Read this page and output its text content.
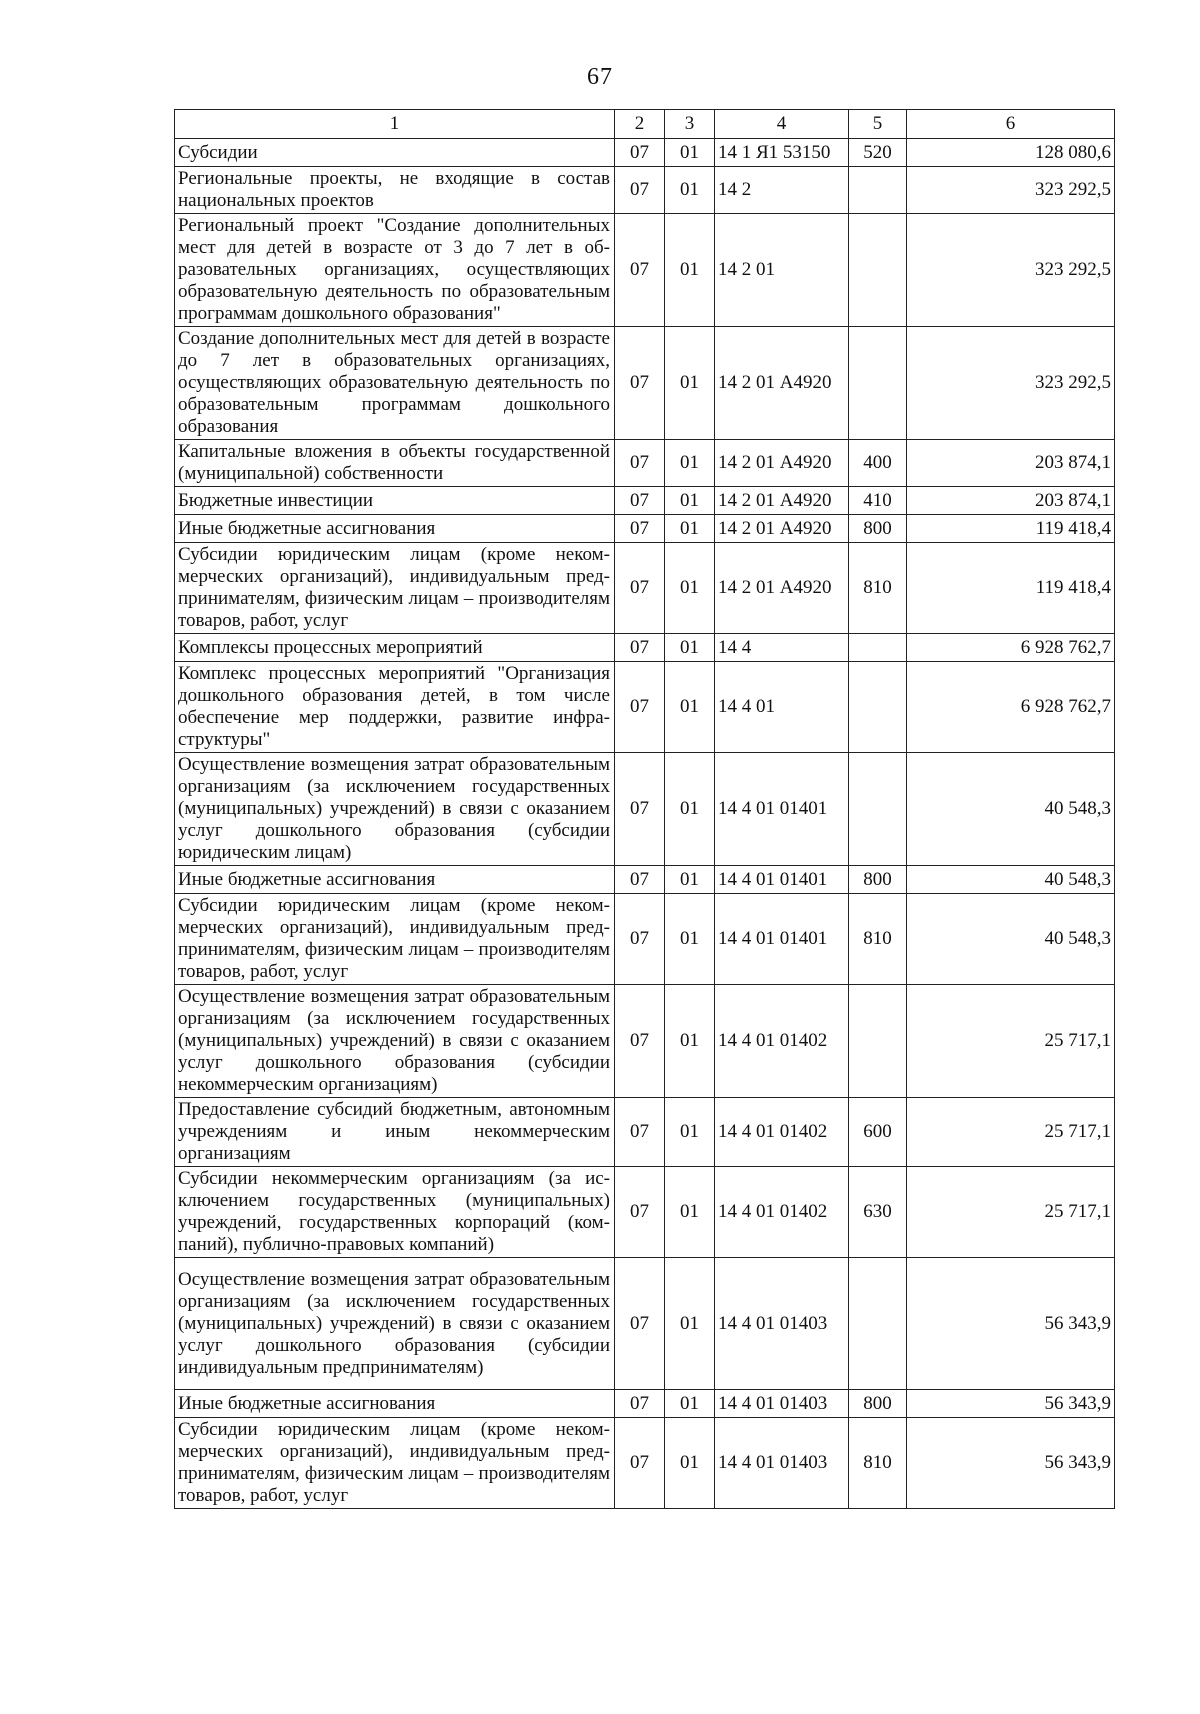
67
1	2	3	4	5	6
Субсидии	07	01	14 1 Я1 53150	520	128 080,6
Региональные проекты, не входящие в состав национальных проектов	07	01	14 2		323 292,5
Региональный проект "Создание дополнительных мест для детей в возрасте от 3 до 7 лет в образовательных организациях, осуществляющих образовательную деятельность по образовательным программам дошкольного образования"	07	01	14 2 01		323 292,5
Создание дополнительных мест для детей в возрасте до 7 лет в образовательных организациях, осуществляющих образовательную деятельность по образовательным программам дошкольного образования	07	01	14 2 01 А4920		323 292,5
Капитальные вложения в объекты государственной (муниципальной) собственности	07	01	14 2 01 А4920	400	203 874,1
Бюджетные инвестиции	07	01	14 2 01 А4920	410	203 874,1
Иные бюджетные ассигнования	07	01	14 2 01 А4920	800	119 418,4
Субсидии юридическим лицам (кроме некоммерческих организаций), индивидуальным предпринимателям, физическим лицам – производителям товаров, работ, услуг	07	01	14 2 01 А4920	810	119 418,4
Комплексы процессных мероприятий	07	01	14 4		6 928 762,7
Комплекс процессных мероприятий "Организация дошкольного образования детей, в том числе обеспечение мер поддержки, развитие инфраструктуры"	07	01	14 4 01		6 928 762,7
Осуществление возмещения затрат образовательным организациям (за исключением государственных (муниципальных) учреждений) в связи с оказанием услуг дошкольного образования (субсидии юридическим лицам)	07	01	14 4 01 01401		40 548,3
Иные бюджетные ассигнования	07	01	14 4 01 01401	800	40 548,3
Субсидии юридическим лицам (кроме некоммерческих организаций), индивидуальным предпринимателям, физическим лицам – производителям товаров, работ, услуг	07	01	14 4 01 01401	810	40 548,3
Осуществление возмещения затрат образовательным организациям (за исключением государственных (муниципальных) учреждений) в связи с оказанием услуг дошкольного образования (субсидии некоммерческим организациям)	07	01	14 4 01 01402		25 717,1
Предоставление субсидий бюджетным, автономным учреждениям и иным некоммерческим организациям	07	01	14 4 01 01402	600	25 717,1
Субсидии некоммерческим организациям (за исключением государственных (муниципальных) учреждений, государственных корпораций (компаний), публично-правовых компаний)	07	01	14 4 01 01402	630	25 717,1
Осуществление возмещения затрат образовательным организациям (за исключением государственных (муниципальных) учреждений) в связи с оказанием услуг дошкольного образования (субсидии индивидуальным предпринимателям)	07	01	14 4 01 01403		56 343,9
Иные бюджетные ассигнования	07	01	14 4 01 01403	800	56 343,9
Субсидии юридическим лицам (кроме некоммерческих организаций), индивидуальным предпринимателям, физическим лицам – производителям товаров, работ, услуг	07	01	14 4 01 01403	810	56 343,9
